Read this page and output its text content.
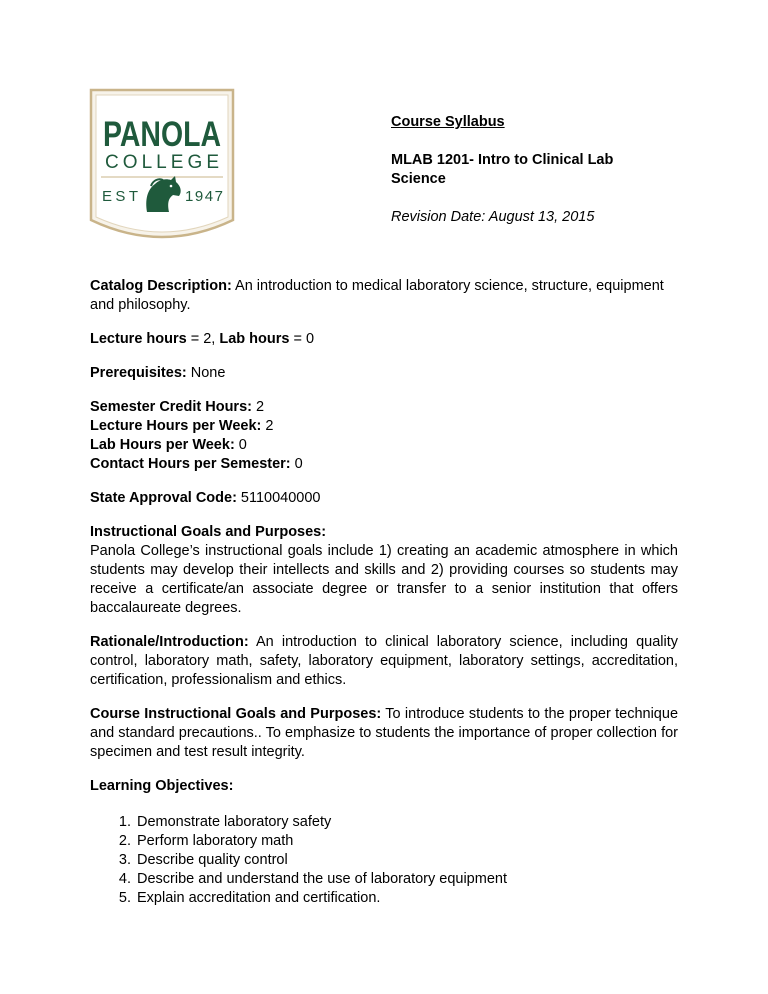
PANOLA
COLLEGE
EST	1947

Course Syllabus

MLAB 1201- Intro to Clinical Lab
Science

Revision Date: August 13, 2015

Catalog Description: An introduction to medical laboratory science, structure, equipment and philosophy.

Lecture hours = 2, Lab hours = 0

Prerequisites: None

Semester Credit Hours: 2
Lecture Hours per Week: 2
Lab Hours per Week: 0
Contact Hours per Semester: 0

State Approval Code: 5110040000

Instructional Goals and Purposes:
Panola College’s instructional goals include 1) creating an academic atmosphere in which students may develop their intellects and skills and 2) providing courses so students may receive a certificate/an associate degree or transfer to a senior institution that offers baccalaureate degrees.

Rationale/Introduction: An introduction to clinical laboratory science, including quality control, laboratory math, safety, laboratory equipment, laboratory settings, accreditation, certification, professionalism and ethics.

Course Instructional Goals and Purposes: To introduce students to the proper technique and standard precautions.. To emphasize to students the importance of proper collection for specimen and test result integrity.

Learning Objectives:

1. Demonstrate laboratory safety
2. Perform laboratory math
3. Describe quality control
4. Describe and understand the use of laboratory equipment
5. Explain accreditation and certification.
